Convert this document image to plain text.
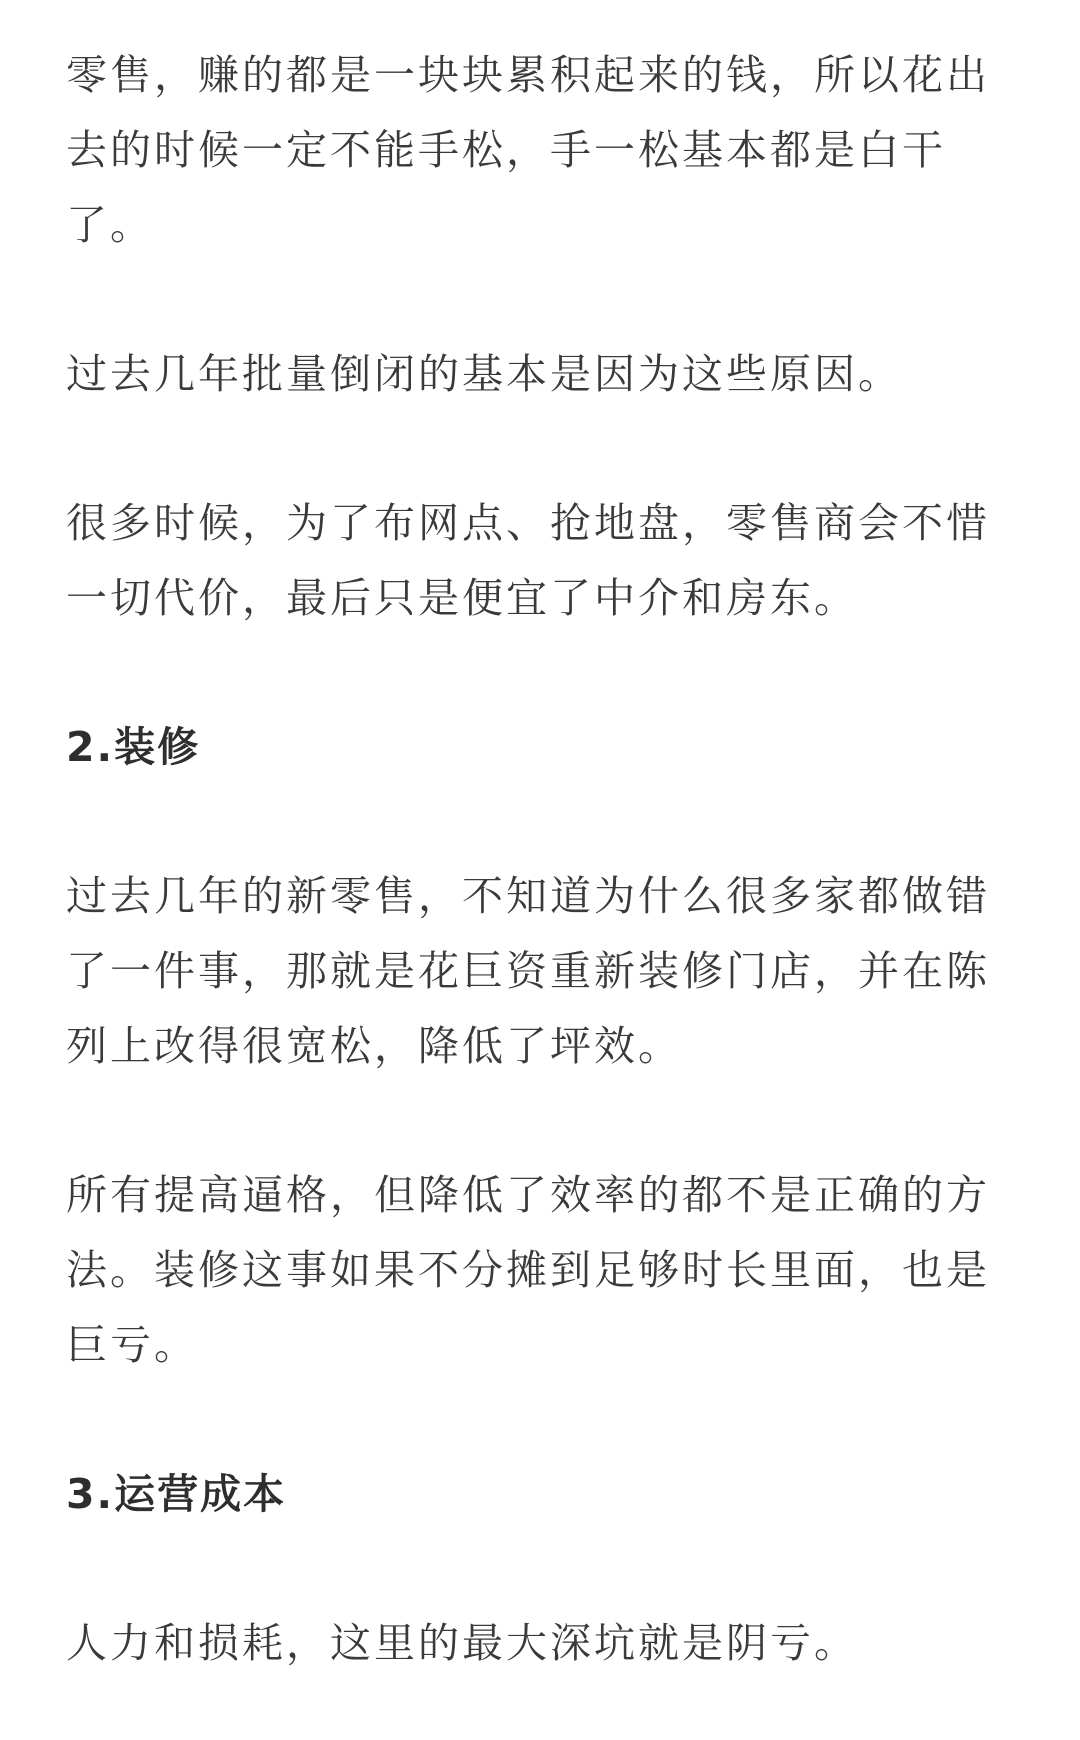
零售，赚的都是一块块累积起来的钱，所以花出去的时候一定不能手松，手一松基本都是白干了。

过去几年批量倒闭的基本是因为这些原因。

很多时候，为了布网点、抢地盘，零售商会不惜一切代价，最后只是便宜了中介和房东。

2.装修

过去几年的新零售，不知道为什么很多家都做错了一件事，那就是花巨资重新装修门店，并在陈列上改得很宽松，降低了坪效。

所有提高逼格，但降低了效率的都不是正确的方法。装修这事如果不分摊到足够时长里面，也是巨亏。

3.运营成本

人力和损耗，这里的最大深坑就是阴亏。
